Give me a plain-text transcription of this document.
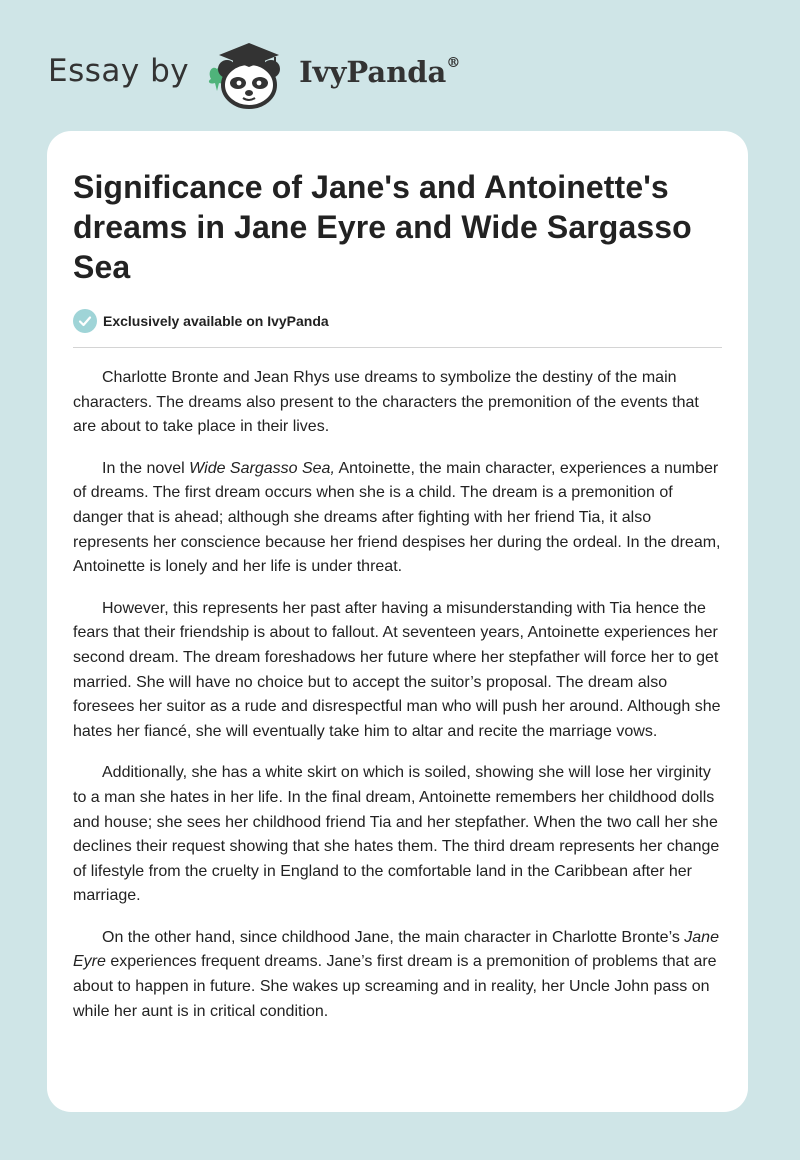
Essay by	IvyPanda®
Significance of Jane's and Antoinette's dreams in Jane Eyre and Wide Sargasso Sea
Exclusively available on IvyPanda

Charlotte Bronte and Jean Rhys use dreams to symbolize the destiny of the main characters. The dreams also present to the characters the premonition of the events that are about to take place in their lives.

In the novel Wide Sargasso Sea, Antoinette, the main character, experiences a number of dreams. The first dream occurs when she is a child. The dream is a premonition of danger that is ahead; although she dreams after fighting with her friend Tia, it also represents her conscience because her friend despises her during the ordeal. In the dream, Antoinette is lonely and her life is under threat.

However, this represents her past after having a misunderstanding with Tia hence the fears that their friendship is about to fallout. At seventeen years, Antoinette experiences her second dream. The dream foreshadows her future where her stepfather will force her to get married. She will have no choice but to accept the suitor’s proposal. The dream also foresees her suitor as a rude and disrespectful man who will push her around. Although she hates her fiancé, she will eventually take him to altar and recite the marriage vows.

Additionally, she has a white skirt on which is soiled, showing she will lose her virginity to a man she hates in her life. In the final dream, Antoinette remembers her childhood dolls and house; she sees her childhood friend Tia and her stepfather. When the two call her she declines their request showing that she hates them. The third dream represents her change of lifestyle from the cruelty in England to the comfortable land in the Caribbean after her marriage.

On the other hand, since childhood Jane, the main character in Charlotte Bronte’s Jane Eyre experiences frequent dreams. Jane’s first dream is a premonition of problems that are about to happen in future. She wakes up screaming and in reality, her Uncle John pass on while her aunt is in critical condition.
